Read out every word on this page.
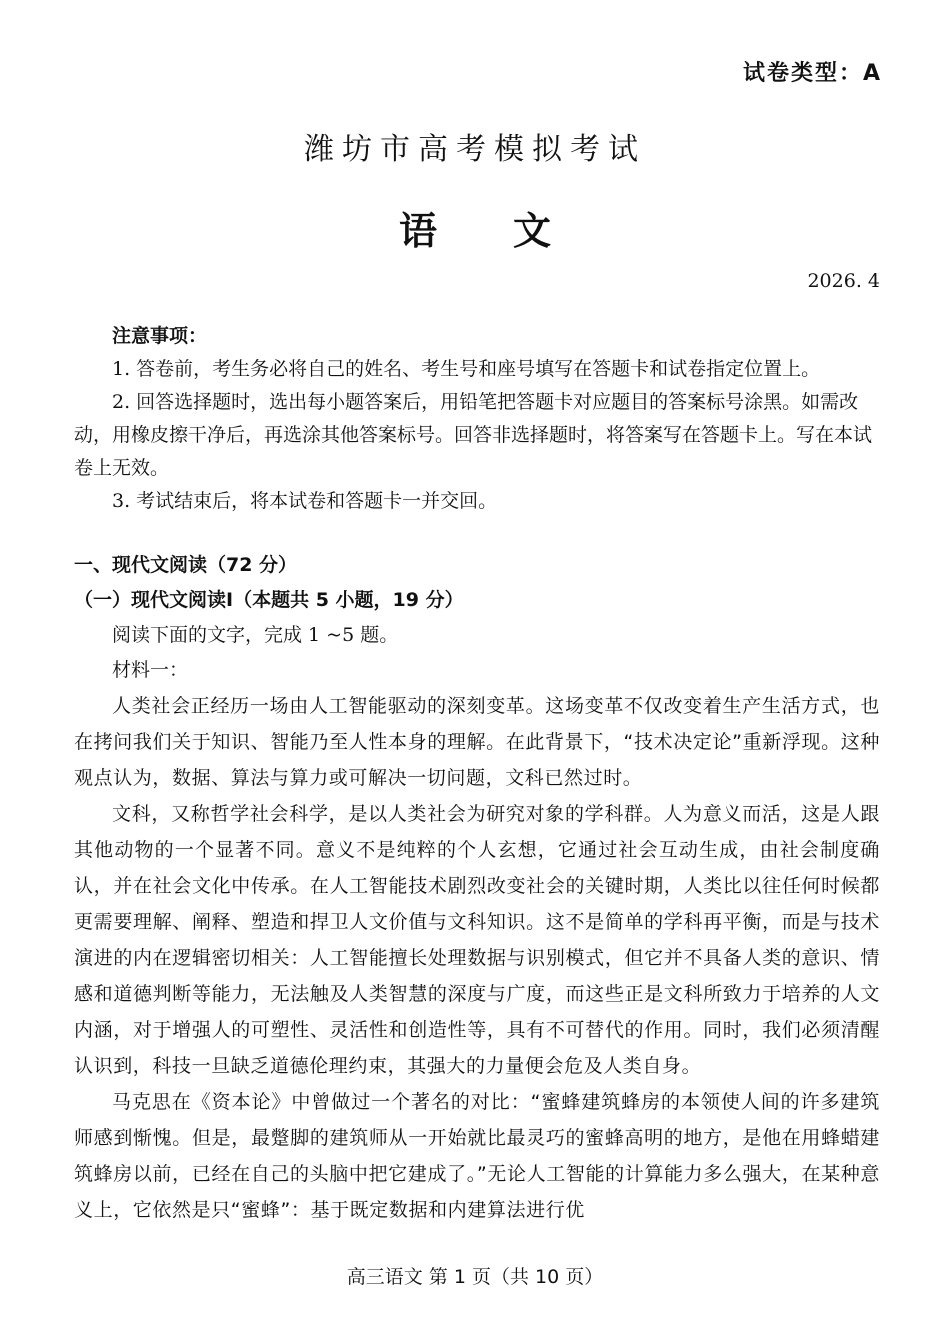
试卷类型：A
潍坊市高考模拟考试
语 文
2026. 4
注意事项：

1. 答卷前，考生务必将自己的姓名、考生号和座号填写在答题卡和试卷指定位置上。

2. 回答选择题时，选出每小题答案后，用铅笔把答题卡对应题目的答案标号涂黑。如需改动，用橡皮擦干净后，再选涂其他答案标号。回答非选择题时，将答案写在答题卡上。写在本试卷上无效。

3. 考试结束后，将本试卷和答题卡一并交回。

一、现代文阅读（72 分）

（一）现代文阅读Ⅰ（本题共 5 小题，19 分）

阅读下面的文字，完成 1 ~5 题。

材料一：

人类社会正经历一场由人工智能驱动的深刻变革。这场变革不仅改变着生产生活方式，也在拷问我们关于知识、智能乃至人性本身的理解。在此背景下，“技术决定论”重新浮现。这种观点认为，数据、算法与算力或可解决一切问题，文科已然过时。

文科，又称哲学社会科学，是以人类社会为研究对象的学科群。人为意义而活，这是人跟其他动物的一个显著不同。意义不是纯粹的个人玄想，它通过社会互动生成，由社会制度确认，并在社会文化中传承。在人工智能技术剧烈改变社会的关键时期，人类比以往任何时候都更需要理解、阐释、塑造和捍卫人文价值与文科知识。这不是简单的学科再平衡，而是与技术演进的内在逻辑密切相关：人工智能擅长处理数据与识别模式，但它并不具备人类的意识、情感和道德判断等能力，无法触及人类智慧的深度与广度，而这些正是文科所致力于培养的人文内涵，对于增强人的可塑性、灵活性和创造性等，具有不可替代的作用。同时，我们必须清醒认识到，科技一旦缺乏道德伦理约束，其强大的力量便会危及人类自身。

马克思在《资本论》中曾做过一个著名的对比：“蜜蜂建筑蜂房的本领使人间的许多建筑师感到惭愧。但是，最蹩脚的建筑师从一开始就比最灵巧的蜜蜂高明的地方，是他在用蜂蜡建筑蜂房以前，已经在自己的头脑中把它建成了。”无论人工智能的计算能力多么强大，在某种意义上，它依然是只“蜜蜂”：基于既定数据和内建算法进行优

高三语文 第 1 页（共 10 页）
